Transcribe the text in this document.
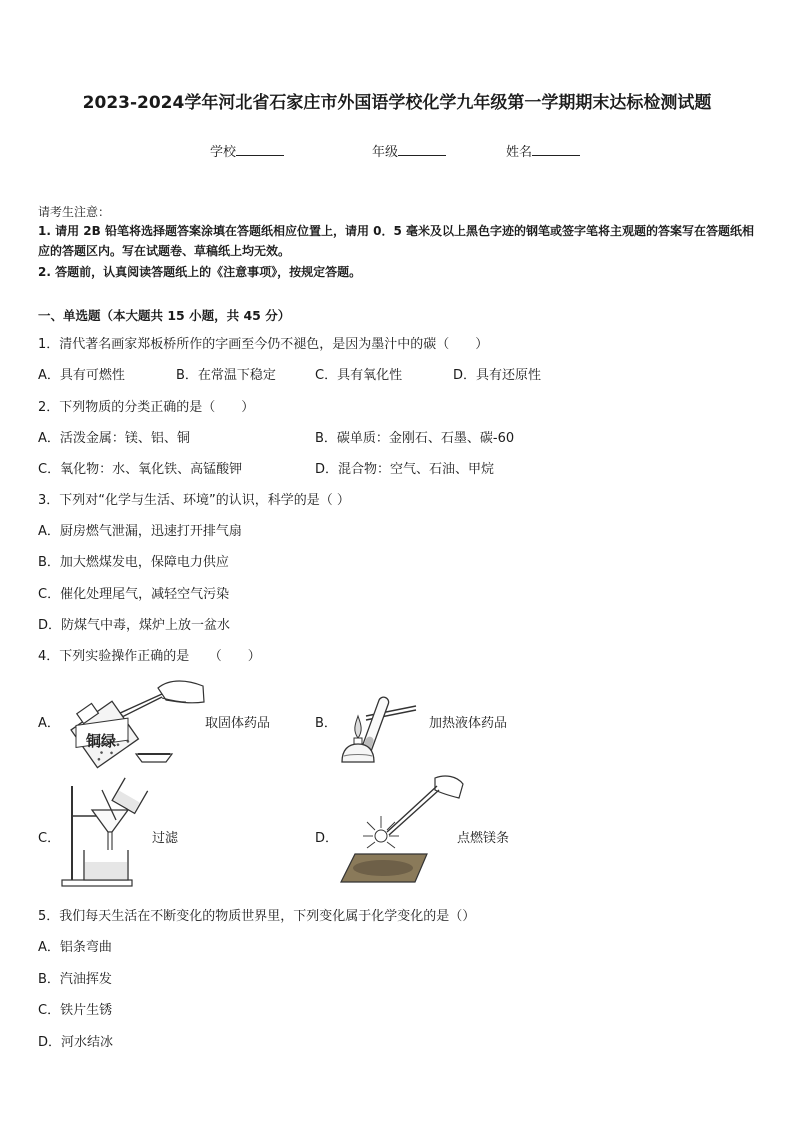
2023-2024学年河北省石家庄市外国语学校化学九年级第一学期期末达标检测试题
学校	年级	姓名
请考生注意：
1. 请用 2B 铅笔将选择题答案涂填在答题纸相应位置上，请用 0．5 毫米及以上黑色字迹的钢笔或签字笔将主观题的答案写在答题纸相应的答题区内。写在试题卷、草稿纸上均无效。
2. 答题前，认真阅读答题纸上的《注意事项》，按规定答题。
一、单选题（本大题共 15 小题，共 45 分）
1．清代著名画家郑板桥所作的字画至今仍不褪色，是因为墨汁中的碳（　　）
A．具有可燃性	B．在常温下稳定	C．具有氧化性	D．具有还原性
2．下列物质的分类正确的是（　　）
A．活泼金属：镁、铝、铜	B．碳单质：金刚石、石墨、碳-60
C．氧化物：水、氧化铁、高锰酸钾	D．混合物：空气、石油、甲烷
3．下列对“化学与生活、环境”的认识，科学的是（ ）
A．厨房燃气泄漏，迅速打开排气扇
B．加大燃煤发电，保障电力供应
C．催化处理尾气，减轻空气污染
D．防煤气中毒，煤炉上放一盆水
4．下列实验操作正确的是　　（　　）
A．
铜绿
取固体药品	B．	加热液体药品
C．	过滤	D．	点燃镁条
5．我们每天生活在不断变化的物质世界里，下列变化属于化学变化的是（）
A．铝条弯曲
B．汽油挥发
C．铁片生锈
D．河水结冰
